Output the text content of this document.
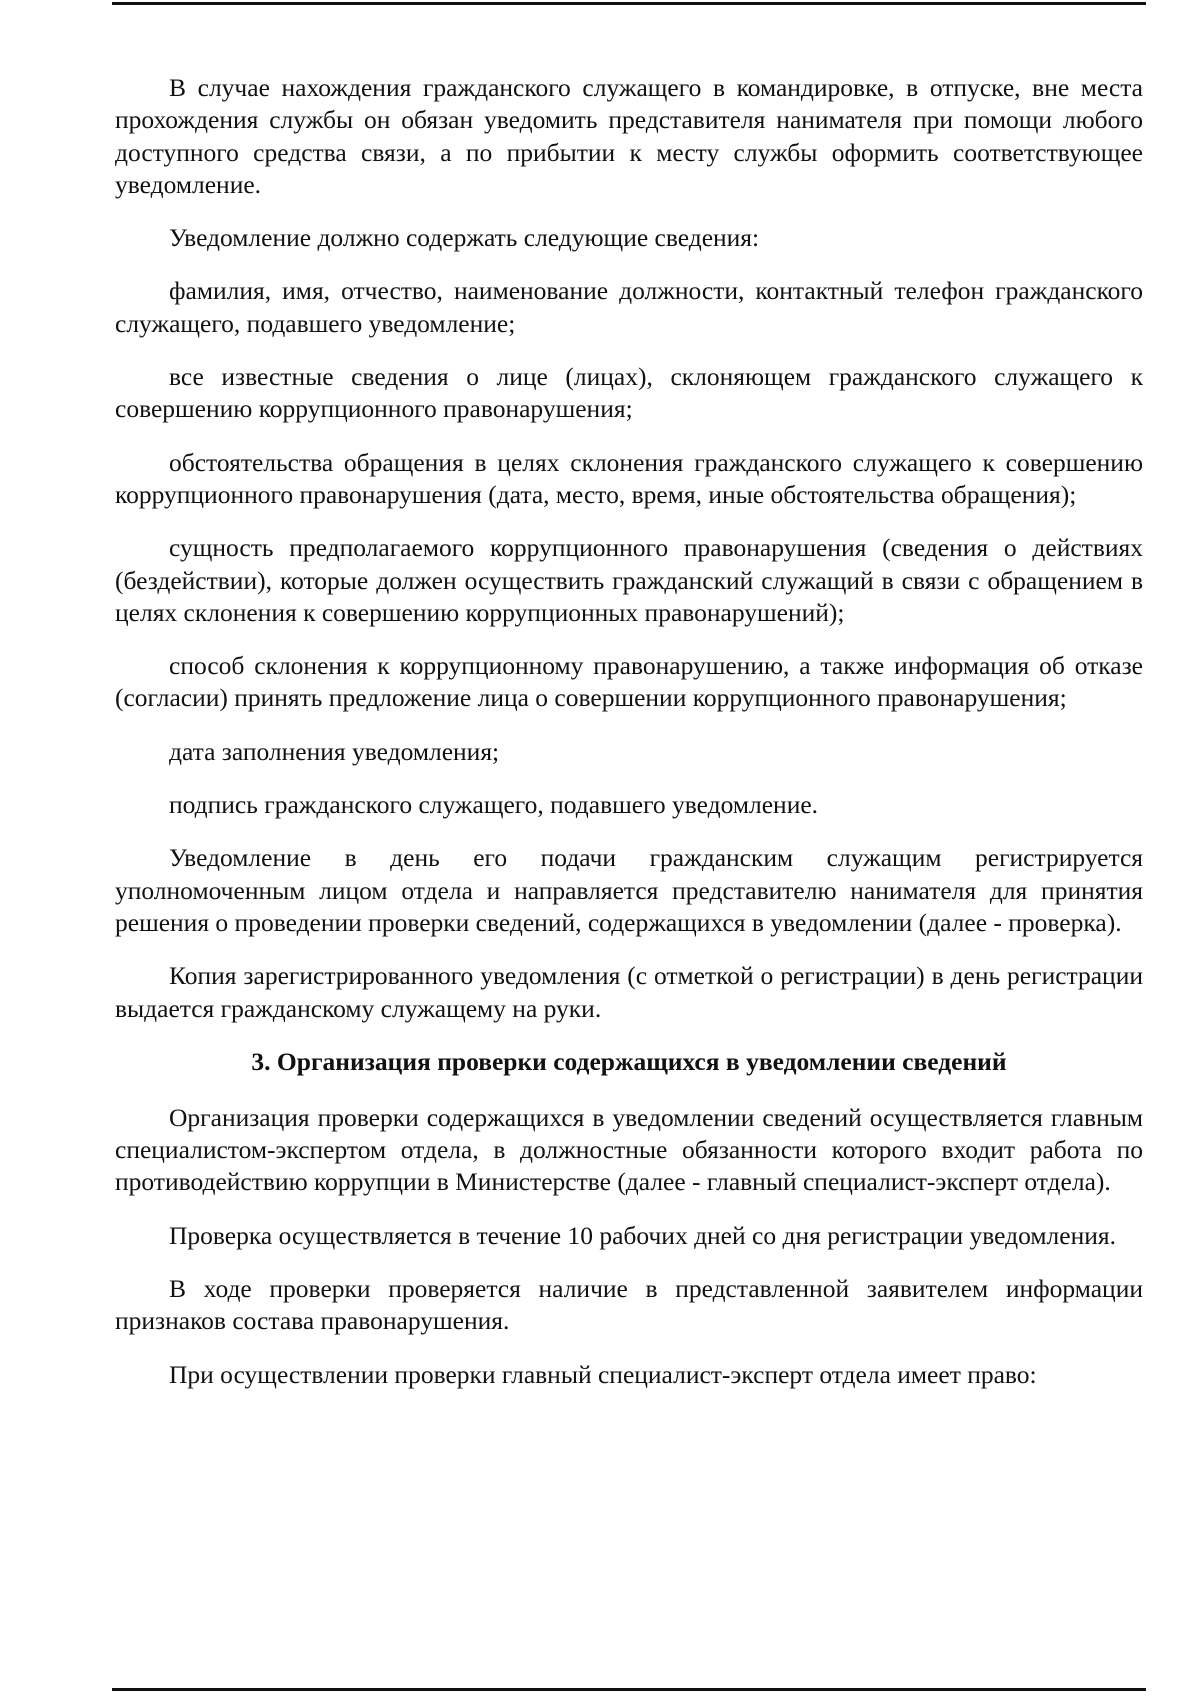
В случае нахождения гражданского служащего в командировке, в отпуске, вне места прохождения службы он обязан уведомить представителя нанимателя при помощи любого доступного средства связи, а по прибытии к месту службы оформить соответствующее уведомление.

Уведомление должно содержать следующие сведения:

фамилия, имя, отчество, наименование должности, контактный телефон гражданского служащего, подавшего уведомление;

все известные сведения о лице (лицах), склоняющем гражданского служащего к совершению коррупционного правонарушения;

обстоятельства обращения в целях склонения гражданского служащего к совершению коррупционного правонарушения (дата, место, время, иные обстоятельства обращения);

сущность предполагаемого коррупционного правонарушения (сведения о действиях (бездействии), которые должен осуществить гражданский служащий в связи с обращением в целях склонения к совершению коррупционных правонарушений);

способ склонения к коррупционному правонарушению, а также информация об отказе (согласии) принять предложение лица о совершении коррупционного правонарушения;

дата заполнения уведомления;

подпись гражданского служащего, подавшего уведомление.

Уведомление в день его подачи гражданским служащим регистрируется уполномоченным лицом отдела и направляется представителю нанимателя для принятия решения о проведении проверки сведений, содержащихся в уведомлении (далее - проверка).

Копия зарегистрированного уведомления (с отметкой о регистрации) в день регистрации выдается гражданскому служащему на руки.

3. Организация проверки содержащихся в уведомлении сведений

Организация проверки содержащихся в уведомлении сведений осуществляется главным специалистом-экспертом отдела, в должностные обязанности которого входит работа по противодействию коррупции в Министерстве (далее - главный специалист-эксперт отдела).

Проверка осуществляется в течение 10 рабочих дней со дня регистрации уведомления.

В ходе проверки проверяется наличие в представленной заявителем информации признаков состава правонарушения.

При осуществлении проверки главный специалист-эксперт отдела имеет право:
